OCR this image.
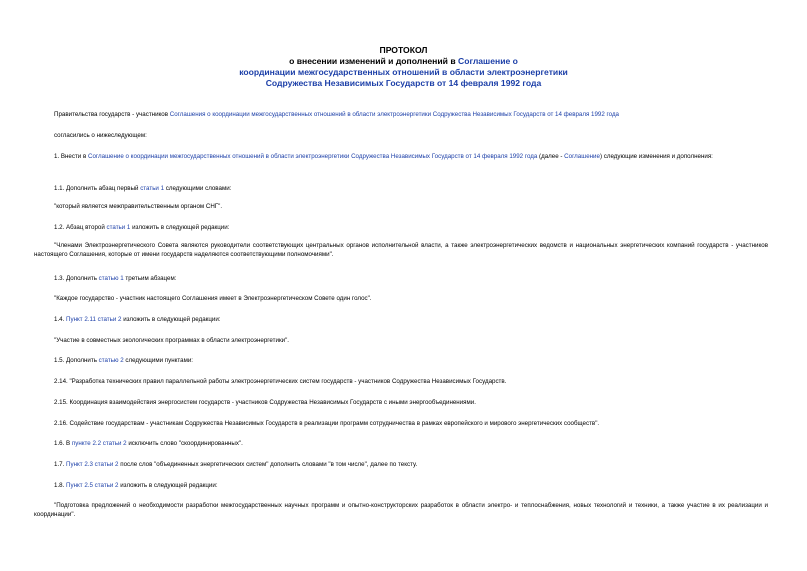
ПРОТОКОЛ
о внесении изменений и дополнений в Соглашение о
координации межгосударственных отношений в области электроэнергетики
Содружества Независимых Государств от 14 февраля 1992 года
Правительства государств - участников Соглашения о координации межгосударственных отношений в области электроэнергетики Содружества Независимых Государств от 14 февраля 1992 года
согласились о нижеследующем:
1. Внести в Соглашение о координации межгосударственных отношений в области электроэнергетики Содружества Независимых Государств от 14 февраля 1992 года (далее - Соглашение) следующие изменения и дополнения:
1.1. Дополнить абзац первый статьи 1 следующими словами:
"который является межправительственным органом СНГ".
1.2. Абзац второй статьи 1 изложить в следующей редакции:
"Членами Электроэнергетического Совета являются руководители соответствующих центральных органов исполнительной власти, а также электроэнергетических ведомств и национальных энергетических компаний государств - участников настоящего Соглашения, которые от имени государств наделяются соответствующими полномочиями".
1.3. Дополнить статью 1 третьим абзацем:
"Каждое государство - участник настоящего Соглашения имеет в Электроэнергетическом Совете один голос".
1.4. Пункт 2.11 статьи 2 изложить в следующей редакции:
"Участие в совместных экологических программах в области электроэнергетики".
1.5. Дополнить статью 2 следующими пунктами:
2.14. "Разработка технических правил параллельной работы электроэнергетических систем государств - участников Содружества Независимых Государств.
2.15. Координация взаимодействия энергосистем государств - участников Содружества Независимых Государств с иными энергообъединениями.
2.16. Содействие государствам - участникам Содружества Независимых Государств в реализации программ сотрудничества в рамках европейского и мирового энергетических сообществ".
1.6. В пункте 2.2 статьи 2 исключить слово "скоординированных".
1.7. Пункт 2.3 статьи 2 после слов "объединенных энергетических систем" дополнить словами "в том числе", далее по тексту.
1.8. Пункт 2.5 статьи 2 изложить в следующей редакции:
"Подготовка предложений о необходимости разработки межгосударственных научных программ и опытно-конструкторских разработок в области электро- и теплоснабжения, новых технологий и техники, а также участие в их реализации и координации".
